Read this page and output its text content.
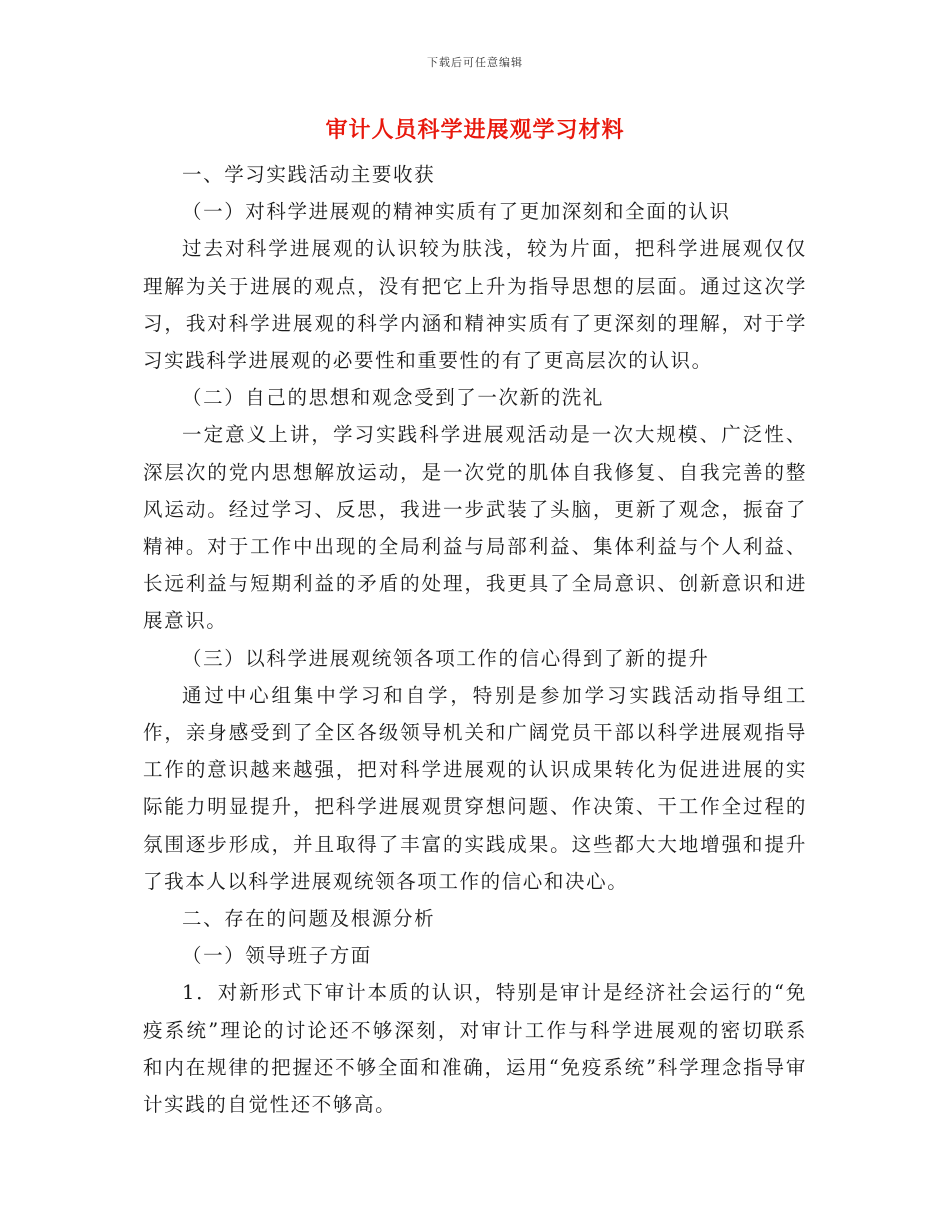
下载后可任意编辑
审计人员科学进展观学习材料

一、学习实践活动主要收获

（一）对科学进展观的精神实质有了更加深刻和全面的认识

过去对科学进展观的认识较为肤浅，较为片面，把科学进展观仅仅理解为关于进展的观点，没有把它上升为指导思想的层面。通过这次学习，我对科学进展观的科学内涵和精神实质有了更深刻的理解，对于学习实践科学进展观的必要性和重要性的有了更高层次的认识。

（二）自己的思想和观念受到了一次新的洗礼

一定意义上讲，学习实践科学进展观活动是一次大规模、广泛性、深层次的党内思想解放运动，是一次党的肌体自我修复、自我完善的整风运动。经过学习、反思，我进一步武装了头脑，更新了观念，振奋了精神。对于工作中出现的全局利益与局部利益、集体利益与个人利益、长远利益与短期利益的矛盾的处理，我更具了全局意识、创新意识和进展意识。

（三）以科学进展观统领各项工作的信心得到了新的提升

通过中心组集中学习和自学，特别是参加学习实践活动指导组工作，亲身感受到了全区各级领导机关和广阔党员干部以科学进展观指导工作的意识越来越强，把对科学进展观的认识成果转化为促进进展的实际能力明显提升，把科学进展观贯穿想问题、作决策、干工作全过程的氛围逐步形成，并且取得了丰富的实践成果。这些都大大地增强和提升了我本人以科学进展观统领各项工作的信心和决心。

二、存在的问题及根源分析

（一）领导班子方面

1．对新形式下审计本质的认识，特别是审计是经济社会运行的“免疫系统”理论的讨论还不够深刻，对审计工作与科学进展观的密切联系和内在规律的把握还不够全面和准确，运用“免疫系统”科学理念指导审计实践的自觉性还不够高。
